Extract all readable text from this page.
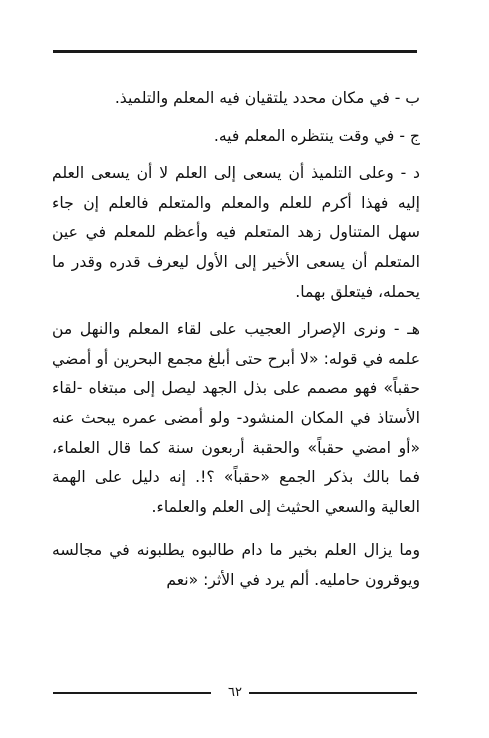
ب - في مكان محدد يلتقيان فيه المعلم والتلميذ.

ج - في وقت ينتظره المعلم فيه.

د - وعلى التلميذ أن يسعى إلى العلم لا أن يسعى العلم إليه فهذا أكرم للعلم والمعلم والمتعلم فالعلم إن جاء سهل المتناول زهد المتعلم فيه وأعظم للمعلم في عين المتعلم أن يسعى الأخير إلى الأول ليعرف قدره وقدر ما يحمله، فيتعلق بهما.

هـ - ونرى الإصرار العجيب على لقاء المعلم والنهل من علمه في قوله: «لا أبرح حتى أبلغ مجمع البحرين أو أمضي حقباً» فهو مصمم على بذل الجهد ليصل إلى مبتغاه -لقاء الأستاذ في المكان المنشود- ولو أمضى عمره يبحث عنه «أو امضي حقباً» والحقبة أربعون سنة كما قال العلماء، فما بالك بذكر الجمع «حقباً» ؟!. إنه دليل على الهمة العالية والسعي الحثيث إلى العلم والعلماء.

وما يزال العلم بخير ما دام طالبوه يطلبونه في مجالسه ويوقرون حامليه. ألم يرد في الأثر: «نعم

٦٢
